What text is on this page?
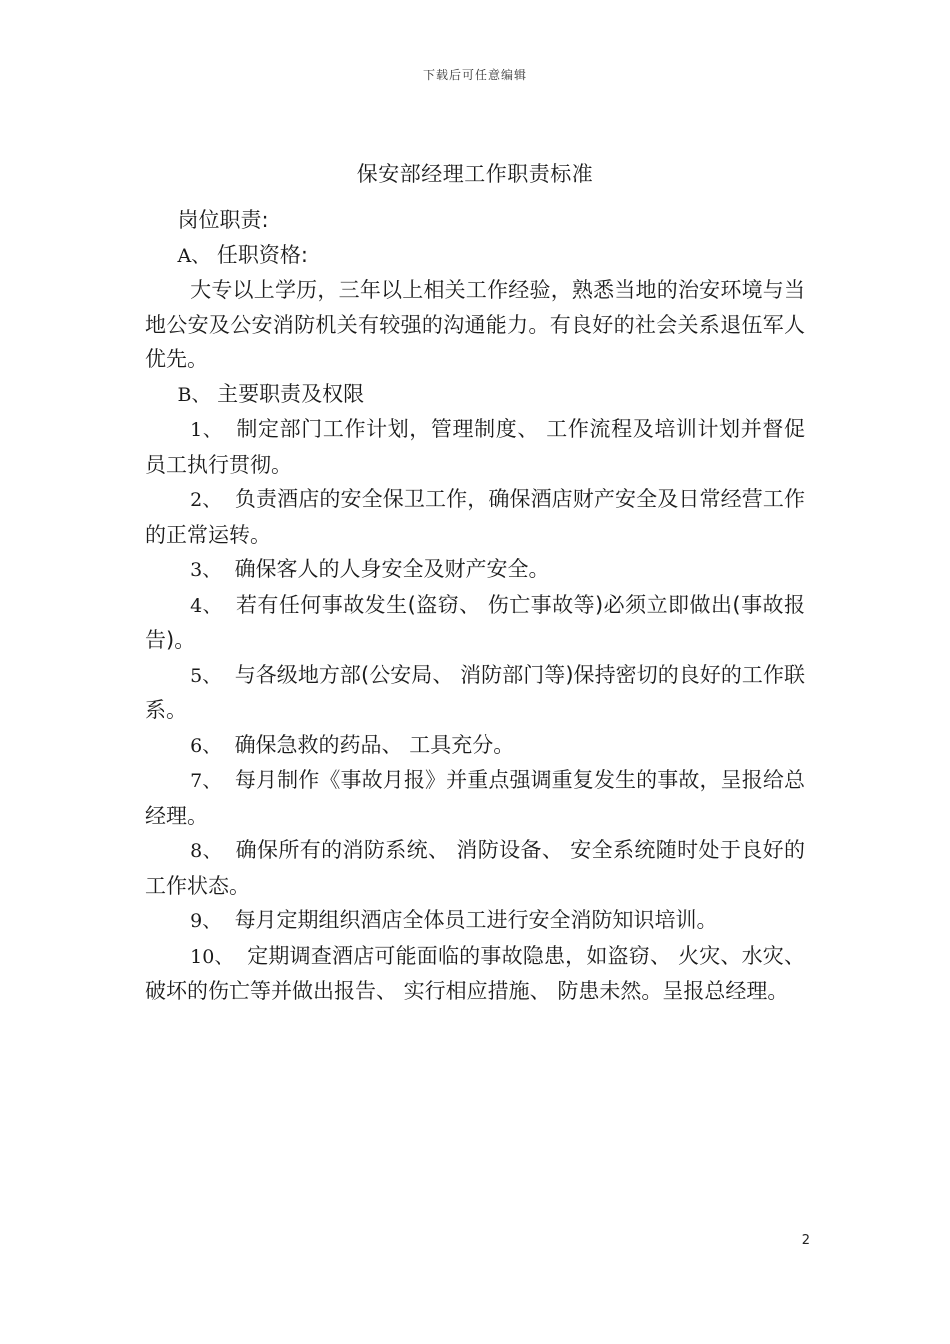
下载后可任意编辑
保安部经理工作职责标准

岗位职责:

A、 任职资格:

大专以上学历，三年以上相关工作经验，熟悉当地的治安环境与当地公安及公安消防机关有较强的沟通能力。有良好的社会关系退伍军人优先。

B、 主要职责及权限

1、 制定部门工作计划，管理制度、 工作流程及培训计划并督促员工执行贯彻。

2、 负责酒店的安全保卫工作，确保酒店财产安全及日常经营工作的正常运转。

3、 确保客人的人身安全及财产安全。

4、 若有任何事故发生(盗窃、 伤亡事故等)必须立即做出(事故报告)。

5、 与各级地方部(公安局、 消防部门等)保持密切的良好的工作联系。

6、 确保急救的药品、 工具充分。

7、 每月制作《事故月报》并重点强调重复发生的事故，呈报给总经理。

8、 确保所有的消防系统、 消防设备、 安全系统随时处于良好的工作状态。

9、 每月定期组织酒店全体员工进行安全消防知识培训。

10、 定期调查酒店可能面临的事故隐患，如盗窃、 火灾、水灾、 破坏的伤亡等并做出报告、 实行相应措施、 防患未然。呈报总经理。

2
